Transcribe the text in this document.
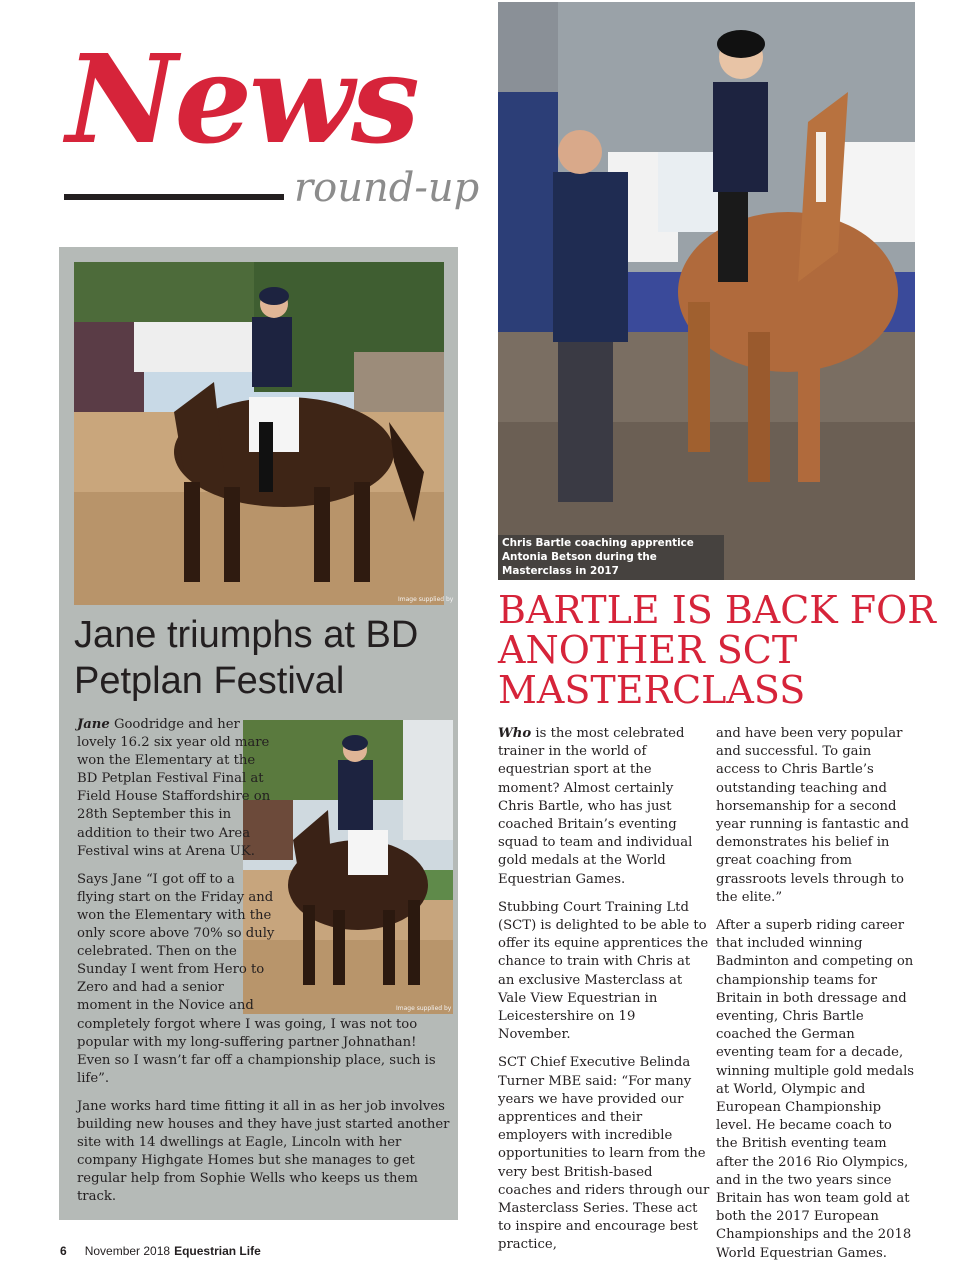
News
round-up
Chris Bartle coaching apprentice Antonia Betson during the Masterclass in 2017
Image supplied by
Image supplied by
Jane triumphs at BD Petplan Festival

Jane Goodridge and her lovely 16.2 six year old mare won the Elementary at the BD Petplan Festival Final at Field House Staffordshire on 28th September this in addition to their two Area Festival wins at Arena UK.

Says Jane “I got off to a flying start on the Friday and won the Elementary with the only score above 70% so duly celebrated. Then on the Sunday I went from Hero to Zero and had a senior moment in the Novice and completely forgot where I was going, I was not too popular with my long-suffering partner Johnathan! Even so I wasn’t far off a championship place, such is life”.

Jane works hard time fitting it all in as her job involves building new houses and they have just started another site with 14 dwellings at Eagle, Lincoln with her company Highgate Homes but she manages to get regular help from Sophie Wells who keeps us them track.

BARTLE IS BACK FOR ANOTHER SCT MASTERCLASS

Who is the most celebrated trainer in the world of equestrian sport at the moment? Almost certainly Chris Bartle, who has just coached Britain’s eventing squad to team and individual gold medals at the World Equestrian Games.

Stubbing Court Training Ltd (SCT) is delighted to be able to offer its equine apprentices the chance to train with Chris at an exclusive Masterclass at Vale View Equestrian in Leicestershire on 19 November.

SCT Chief Executive Belinda Turner MBE said: “For many years we have provided our apprentices and their employers with incredible opportunities to learn from the very best British-based coaches and riders through our Masterclass Series. These act to inspire and encourage best practice,

and have been very popular and successful. To gain access to Chris Bartle’s outstanding teaching and horsemanship for a second year running is fantastic and demonstrates his belief in great coaching from grassroots levels through to the elite.”

After a superb riding career that included winning Badminton and competing on championship teams for Britain in both dressage and eventing, Chris Bartle coached the German eventing team for a decade, winning multiple gold medals at World, Olympic and European Championship level. He became coach to the British eventing team after the 2016 Rio Olympics, and in the two years since Britain has won team gold at both the 2017 European Championships and the 2018 World Equestrian Games.

6 November 2018 Equestrian Life
